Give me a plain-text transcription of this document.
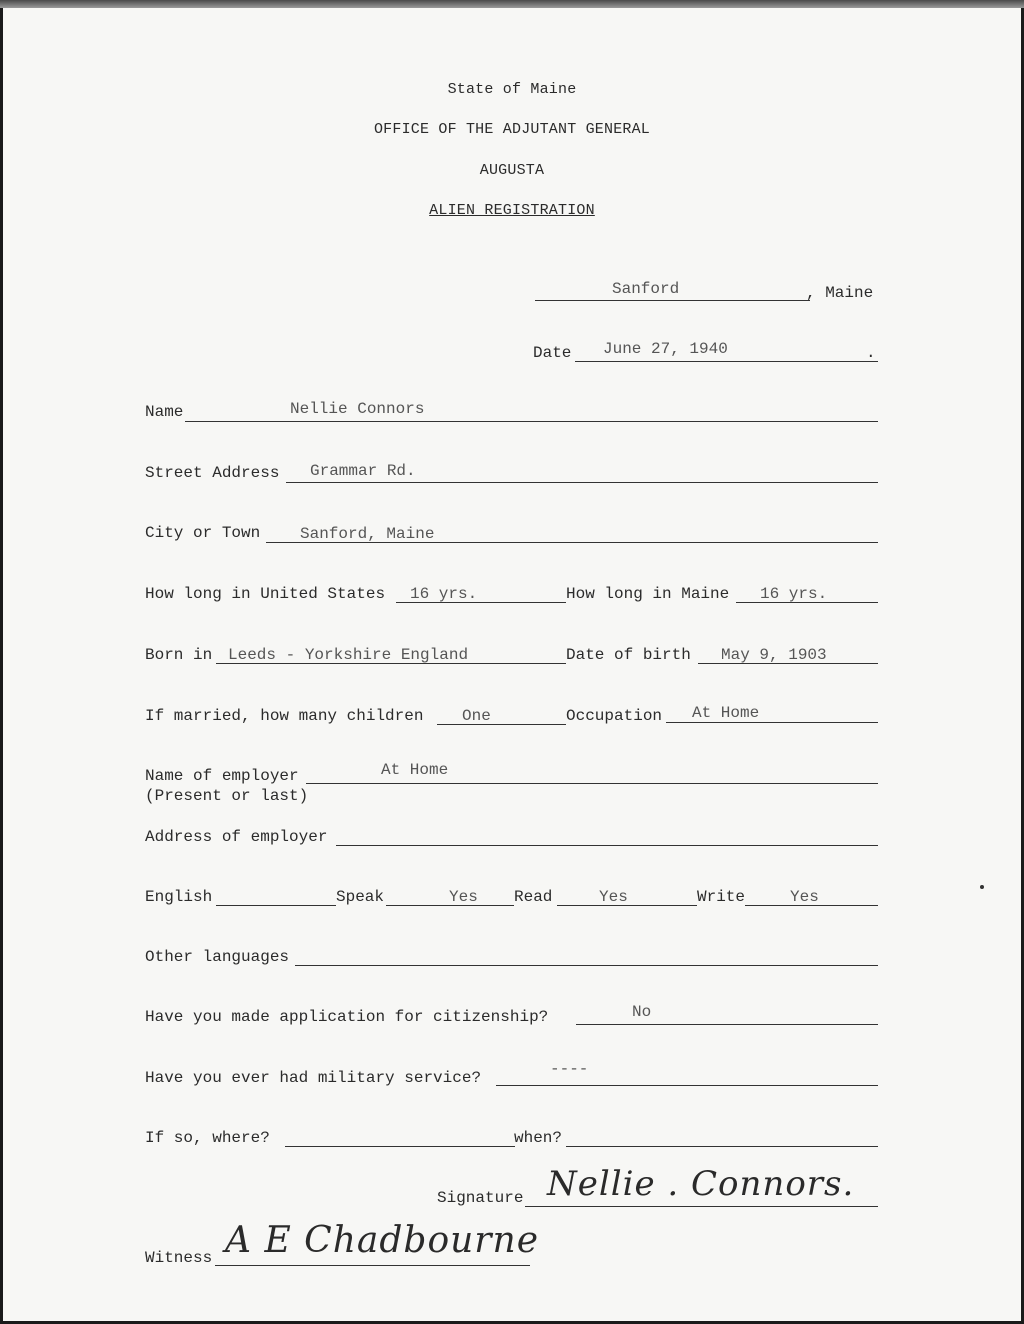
State of Maine
OFFICE OF THE ADJUTANT GENERAL
AUGUSTA
ALIEN REGISTRATION
Sanford	, Maine
Date June 27, 1940	.
Name	Nellie Connors
Street Address Grammar Rd.
City or Town Sanford, Maine
How long in United States 16 yrs.	How long in Maine 16 yrs.
Born in Leeds - Yorkshire England	Date of birth May 9, 1903
If married, how many children One	Occupation At Home
Name of employer
(Present or last)
At Home
Address of employer
English	Speak	Yes Read	Yes	Write	Yes
Other languages
Have you made application for citizenship?	No
Have you ever had military service?	----
If so, where?	when?
Signature Nellie . Connors.
Witness A E Chadbourne
